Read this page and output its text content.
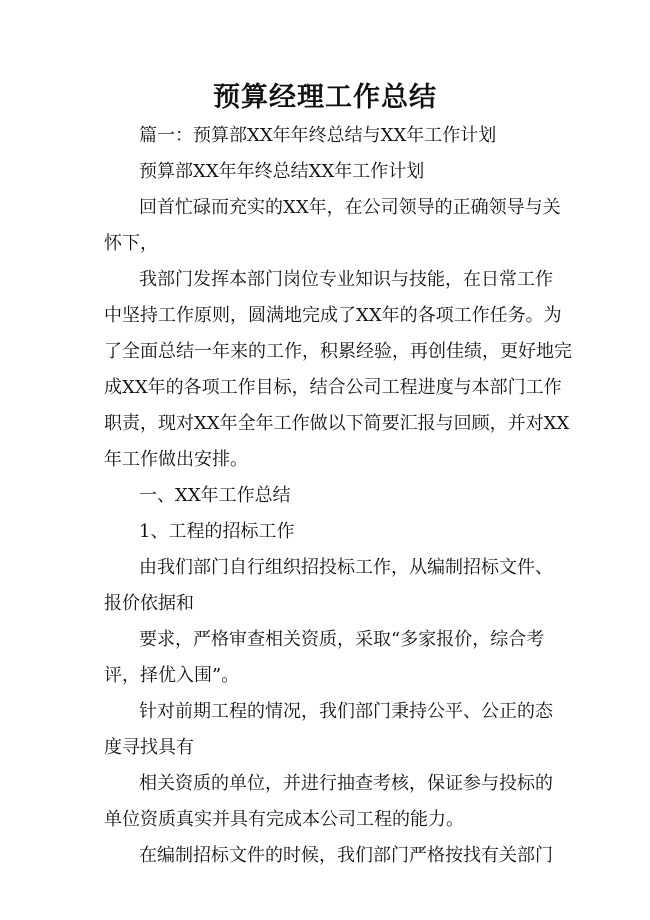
预算经理工作总结
篇一：预算部XX年年终总结与XX年工作计划
预算部XX年年终总结XX年工作计划
回首忙碌而充实的XX年，在公司领导的正确领导与关
怀下，
我部门发挥本部门岗位专业知识与技能，在日常工作
中坚持工作原则，圆满地完成了XX年的各项工作任务。为
了全面总结一年来的工作，积累经验，再创佳绩，更好地完
成XX年的各项工作目标，结合公司工程进度与本部门工作
职责，现对XX年全年工作做以下简要汇报与回顾，并对XX
年工作做出安排。
一、XX年工作总结
1、工程的招标工作
由我们部门自行组织招投标工作，从编制招标文件、
报价依据和
要求，严格审查相关资质，采取“多家报价，综合考
评，择优入围”。
针对前期工程的情况，我们部门秉持公平、公正的态
度寻找具有
相关资质的单位，并进行抽查考核，保证参与投标的
单位资质真实并具有完成本公司工程的能力。
在编制招标文件的时候，我们部门严格按找有关部门
